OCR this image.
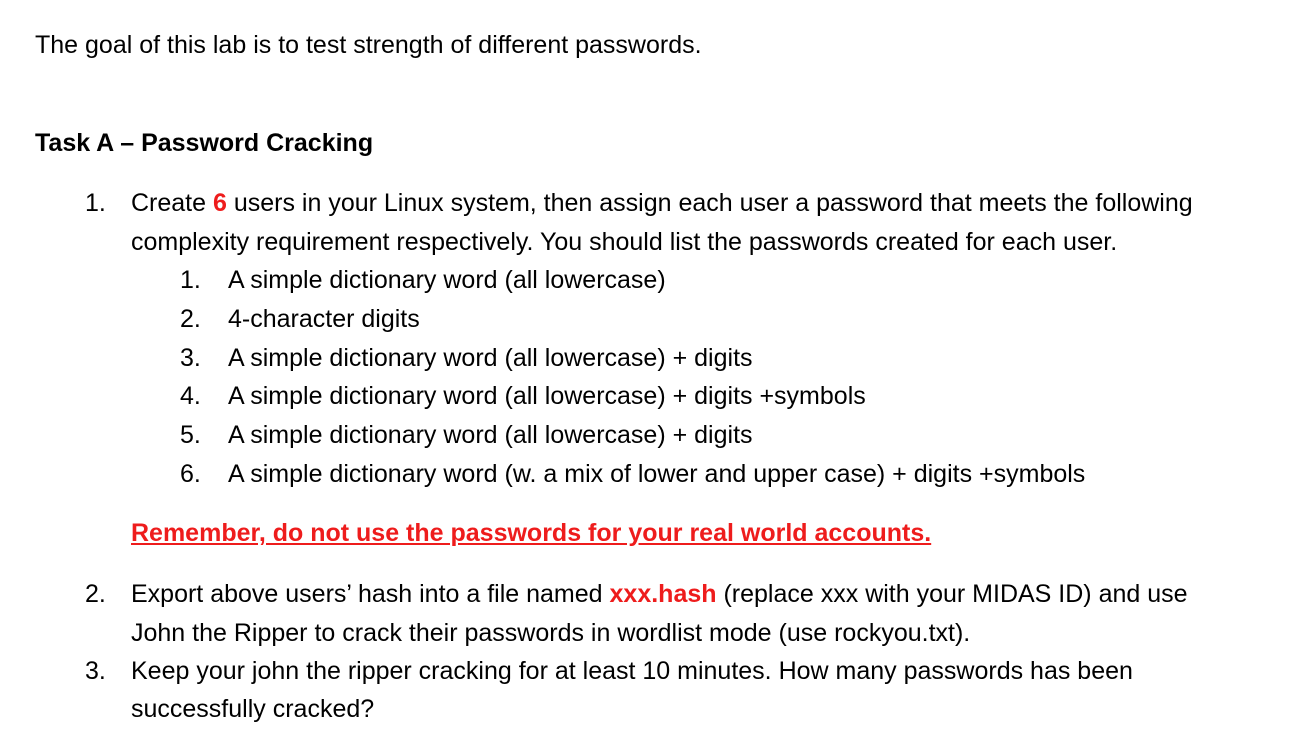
The goal of this lab is to test strength of different passwords.
Task A – Password Cracking
1. Create 6 users in your Linux system, then assign each user a password that meets the following
complexity requirement respectively. You should list the passwords created for each user.
1. A simple dictionary word (all lowercase)
2. 4-character digits
3. A simple dictionary word (all lowercase) + digits
4. A simple dictionary word (all lowercase) + digits +symbols
5. A simple dictionary word (all lowercase) + digits
6. A simple dictionary word (w. a mix of lower and upper case) + digits +symbols
Remember, do not use the passwords for your real world accounts.
2. Export above users’ hash into a file named xxx.hash (replace xxx with your MIDAS ID) and use
John the Ripper to crack their passwords in wordlist mode (use rockyou.txt).
3. Keep your john the ripper cracking for at least 10 minutes. How many passwords has been
successfully cracked?
